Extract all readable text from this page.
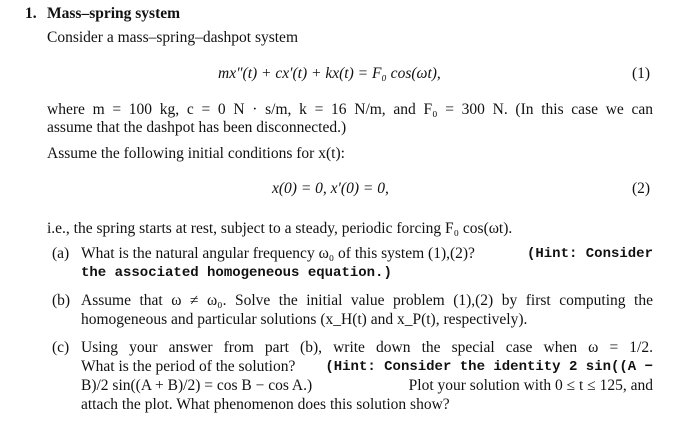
1. Mass–spring system
Consider a mass–spring–dashpot system
mx″(t) + cx′(t) + kx(t) = F₀ cos(ωt),	(1)
where m = 100 kg, c = 0 N · s/m, k = 16 N/m, and F₀ = 300 N. (In this case we can
assume that the dashpot has been disconnected.)
Assume the following initial conditions for x(t):
x(0) = 0, x′(0) = 0,	(2)
i.e., the spring starts at rest, subject to a steady, periodic forcing F₀ cos(ωt).
(a) What is the natural angular frequency ω₀ of this system (1),(2)?	(Hint: Consider
the associated homogeneous equation.)
(b) Assume that ω ≠ ω₀. Solve the initial value problem (1),(2) by first computing the
homogeneous and particular solutions (x_H(t) and x_P(t), respectively).
(c) Using your answer from part (b), write down the special case when ω = 1/2.
What is the period of the solution? (Hint: Consider the identity 2 sin((A −
B)/2 sin((A + B)/2) = cos B − cos A.)	Plot your solution with 0 ≤ t ≤ 125, and
attach the plot. What phenomenon does this solution show?
